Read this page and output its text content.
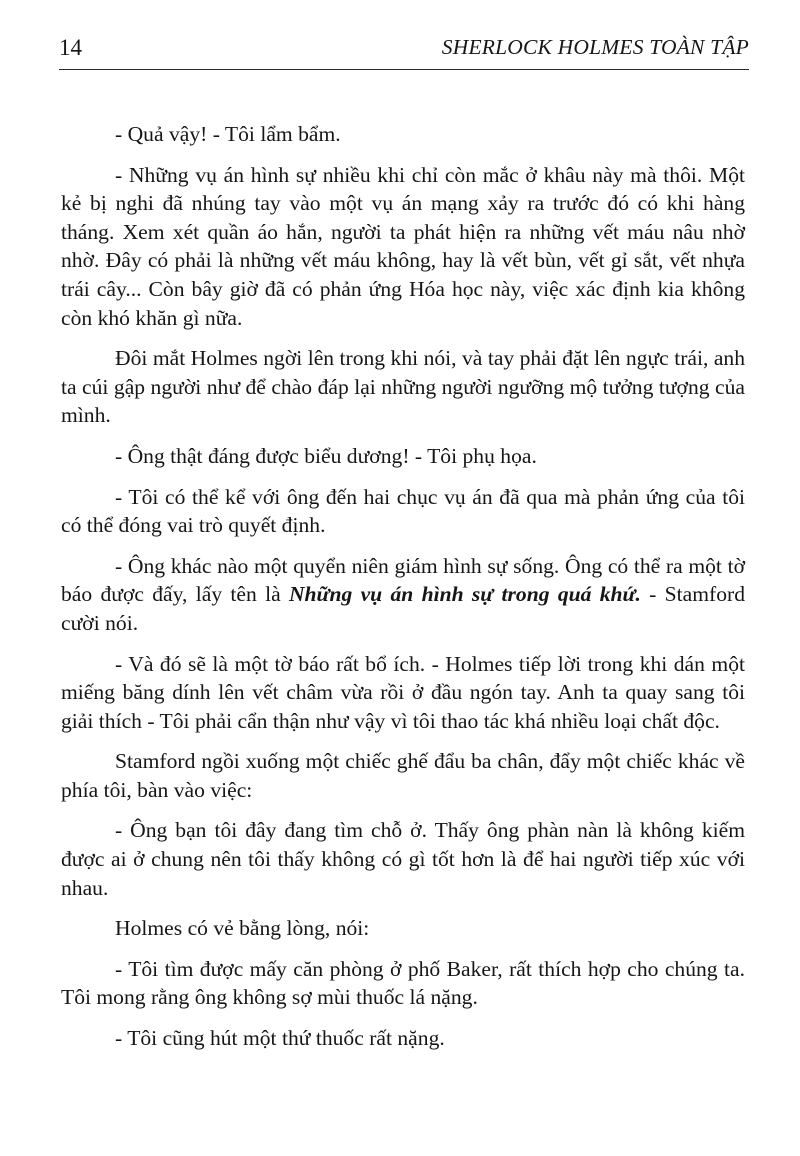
14	SHERLOCK HOLMES TOÀN TẬP

- Quả vậy! - Tôi lẩm bẩm.

- Những vụ án hình sự nhiều khi chỉ còn mắc ở khâu này mà thôi. Một kẻ bị nghi đã nhúng tay vào một vụ án mạng xảy ra trước đó có khi hàng tháng. Xem xét quần áo hắn, người ta phát hiện ra những vết máu nâu nhờ nhờ. Đây có phải là những vết máu không, hay là vết bùn, vết gỉ sắt, vết nhựa trái cây... Còn bây giờ đã có phản ứng Hóa học này, việc xác định kia không còn khó khăn gì nữa.

Đôi mắt Holmes ngời lên trong khi nói, và tay phải đặt lên ngực trái, anh ta cúi gập người như để chào đáp lại những người ngưỡng mộ tưởng tượng của mình.

- Ông thật đáng được biểu dương! - Tôi phụ họa.

- Tôi có thể kể với ông đến hai chục vụ án đã qua mà phản ứng của tôi có thể đóng vai trò quyết định.

- Ông khác nào một quyển niên giám hình sự sống. Ông có thể ra một tờ báo được đấy, lấy tên là Những vụ án hình sự trong quá khứ. - Stamford cười nói.

- Và đó sẽ là một tờ báo rất bổ ích. - Holmes tiếp lời trong khi dán một miếng băng dính lên vết châm vừa rồi ở đầu ngón tay. Anh ta quay sang tôi giải thích - Tôi phải cẩn thận như vậy vì tôi thao tác khá nhiều loại chất độc.

Stamford ngồi xuống một chiếc ghế đẩu ba chân, đẩy một chiếc khác về phía tôi, bàn vào việc:

- Ông bạn tôi đây đang tìm chỗ ở. Thấy ông phàn nàn là không kiếm được ai ở chung nên tôi thấy không có gì tốt hơn là để hai người tiếp xúc với nhau.

Holmes có vẻ bằng lòng, nói:

- Tôi tìm được mấy căn phòng ở phố Baker, rất thích hợp cho chúng ta. Tôi mong rằng ông không sợ mùi thuốc lá nặng.

- Tôi cũng hút một thứ thuốc rất nặng.
